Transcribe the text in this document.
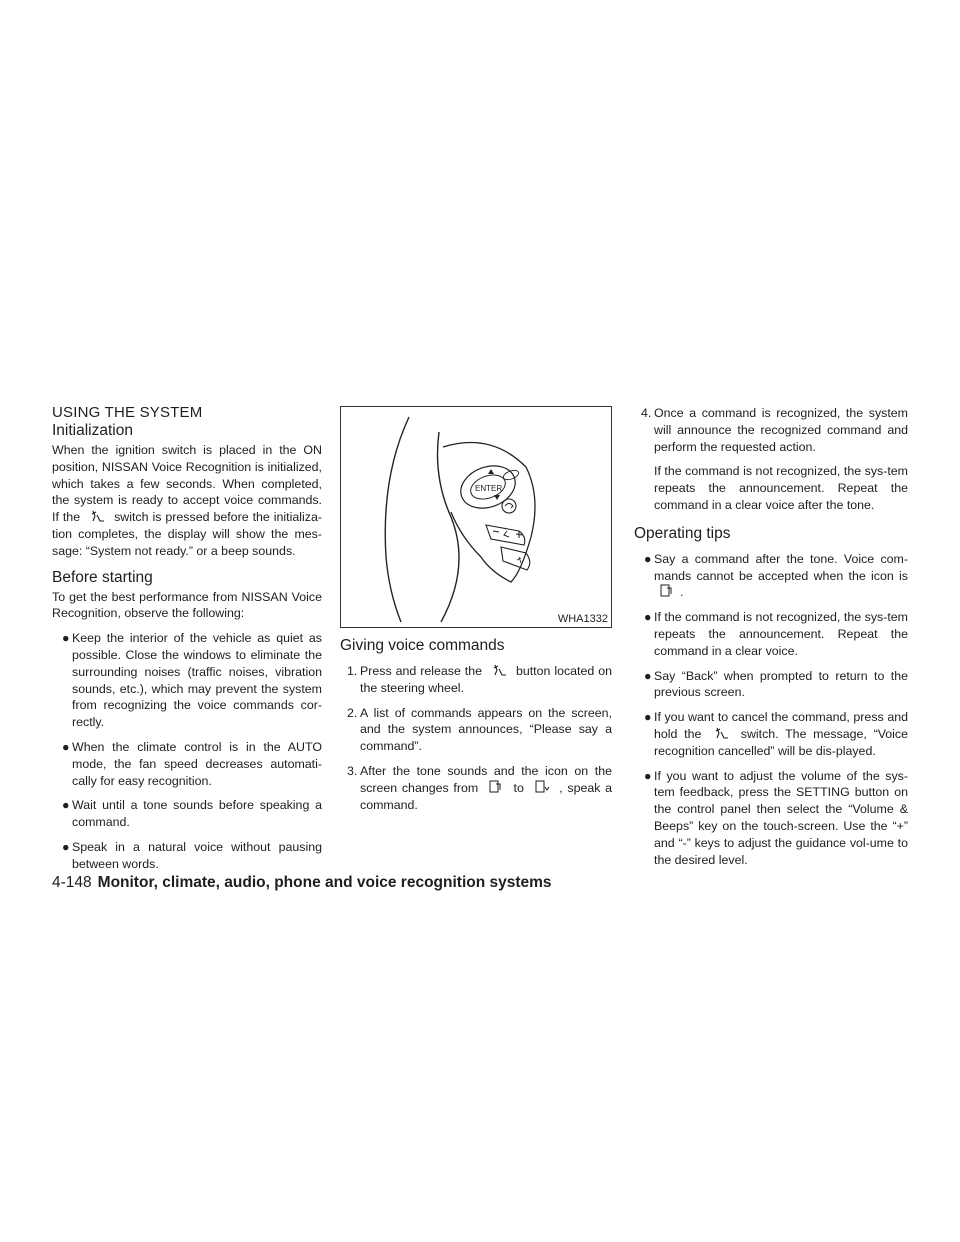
USING THE SYSTEM
Initialization

When the ignition switch is placed in the ON position, NISSAN Voice Recognition is initialized, which takes a few seconds. When completed, the system is ready to accept voice commands. If the	switch is pressed before the initializa-tion completes, the display will show the mes-sage: “System not ready.” or a beep sounds.

Before starting

To get the best performance from NISSAN Voice Recognition, observe the following:

● Keep the interior of the vehicle as quiet as possible. Close the windows to eliminate the surrounding noises (traffic noises, vibration sounds, etc.), which may prevent the system from recognizing the voice commands cor-rectly.
● When the climate control is in the AUTO mode, the fan speed decreases automati-cally for easy recognition.
● Wait until a tone sounds before speaking a command.
● Speak in a natural voice without pausing between words.
ENTER
WHA1332
Giving voice commands
1. Press and release the	button located on the steering wheel.
2. A list of commands appears on the screen, and the system announces, “Please say a command”.
3. After the tone sounds and the icon on the screen changes from	to	, speak a command.
4. Once a command is recognized, the system will announce the recognized command and perform the requested action.

If the command is not recognized, the sys-tem repeats the announcement. Repeat the command in a clear voice after the tone.

Operating tips
● Say a command after the tone. Voice com-mands cannot be accepted when the icon is .
● If the command is not recognized, the sys-tem repeats the announcement. Repeat the command in a clear voice.
● Say “Back” when prompted to return to the previous screen.
● If you want to cancel the command, press and hold the	switch. The message, “Voice recognition cancelled” will be dis-played.
● If you want to adjust the volume of the sys-tem feedback, press the SETTING button on the control panel then select the “Volume & Beeps” key on the touch-screen. Use the “+” and “-” keys to adjust the guidance vol-ume to the desired level.
4-148 Monitor, climate, audio, phone and voice recognition systems
